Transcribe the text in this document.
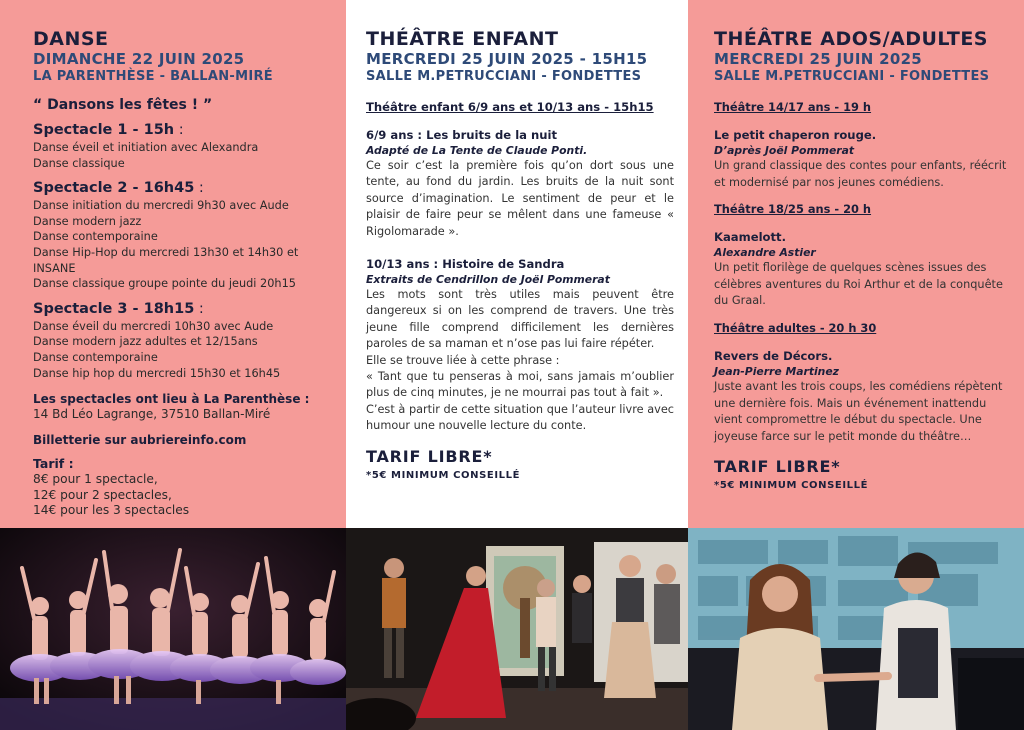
DANSE
DIMANCHE 22 JUIN 2025
LA PARENTHÈSE - BALLAN-MIRÉ
“ Dansons les fêtes ! ”
Spectacle 1 - 15h :
Danse éveil et initiation avec Alexandra
Danse classique
Spectacle 2 - 16h45 :
Danse initiation du mercredi 9h30 avec Aude
Danse modern jazz
Danse contemporaine
Danse Hip-Hop du mercredi 13h30 et 14h30 et
INSANE
Danse classique groupe pointe du jeudi 20h15
Spectacle 3 - 18h15 :
Danse éveil du mercredi 10h30 avec Aude
Danse modern jazz adultes et 12/15ans
Danse contemporaine
Danse hip hop du mercredi 15h30 et 16h45
Les spectacles ont lieu à La Parenthèse :
14 Bd Léo Lagrange, 37510 Ballan-Miré
Billetterie sur aubriereinfo.com
Tarif :
8€ pour 1 spectacle,
12€ pour 2 spectacles,
14€ pour les 3 spectacles
THÉÂTRE ENFANT
MERCREDI 25 JUIN 2025 - 15H15
SALLE M.PETRUCCIANI - FONDETTES
Théâtre enfant 6/9 ans et 10/13 ans - 15h15
6/9 ans : Les bruits de la nuit
Adapté de La Tente de Claude Ponti.
Ce soir c’est la première fois qu’on dort sous une tente, au fond du jardin. Les bruits de la nuit sont source d’imagination. Le sentiment de peur et le plaisir de faire peur se mêlent dans une fameuse « Rigolomarade ».
10/13 ans : Histoire de Sandra
Extraits de Cendrillon de Joël Pommerat
Les mots sont très utiles mais peuvent être dangereux si on les comprend de travers. Une très jeune fille comprend difficilement les dernières paroles de sa maman et n’ose pas lui faire répéter.
Elle se trouve liée à cette phrase :
« Tant que tu penseras à moi, sans jamais m’oublier plus de cinq minutes, je ne mourrai pas tout à fait ».
C’est à partir de cette situation que l’auteur livre avec humour une nouvelle lecture du conte.
TARIF LIBRE*
*5€ MINIMUM CONSEILLÉ
THÉÂTRE ADOS/ADULTES
MERCREDI 25 JUIN 2025
SALLE M.PETRUCCIANI - FONDETTES
Théâtre 14/17 ans - 19 h
Le petit chaperon rouge.
D’après Joël Pommerat
Un grand classique des contes pour enfants, réécrit et modernisé par nos jeunes comédiens.
Théâtre 18/25 ans - 20 h
Kaamelott.
Alexandre Astier
Un petit florilège de quelques scènes issues des célèbres aventures du Roi Arthur et de la conquête du Graal.
Théâtre adultes - 20 h 30
Revers de Décors.
Jean-Pierre Martinez
Juste avant les trois coups, les comédiens répètent une dernière fois. Mais un événement inattendu vient compromettre le début du spectacle. Une joyeuse farce sur le petit monde du théâtre…
TARIF LIBRE*
*5€ MINIMUM CONSEILLÉ
